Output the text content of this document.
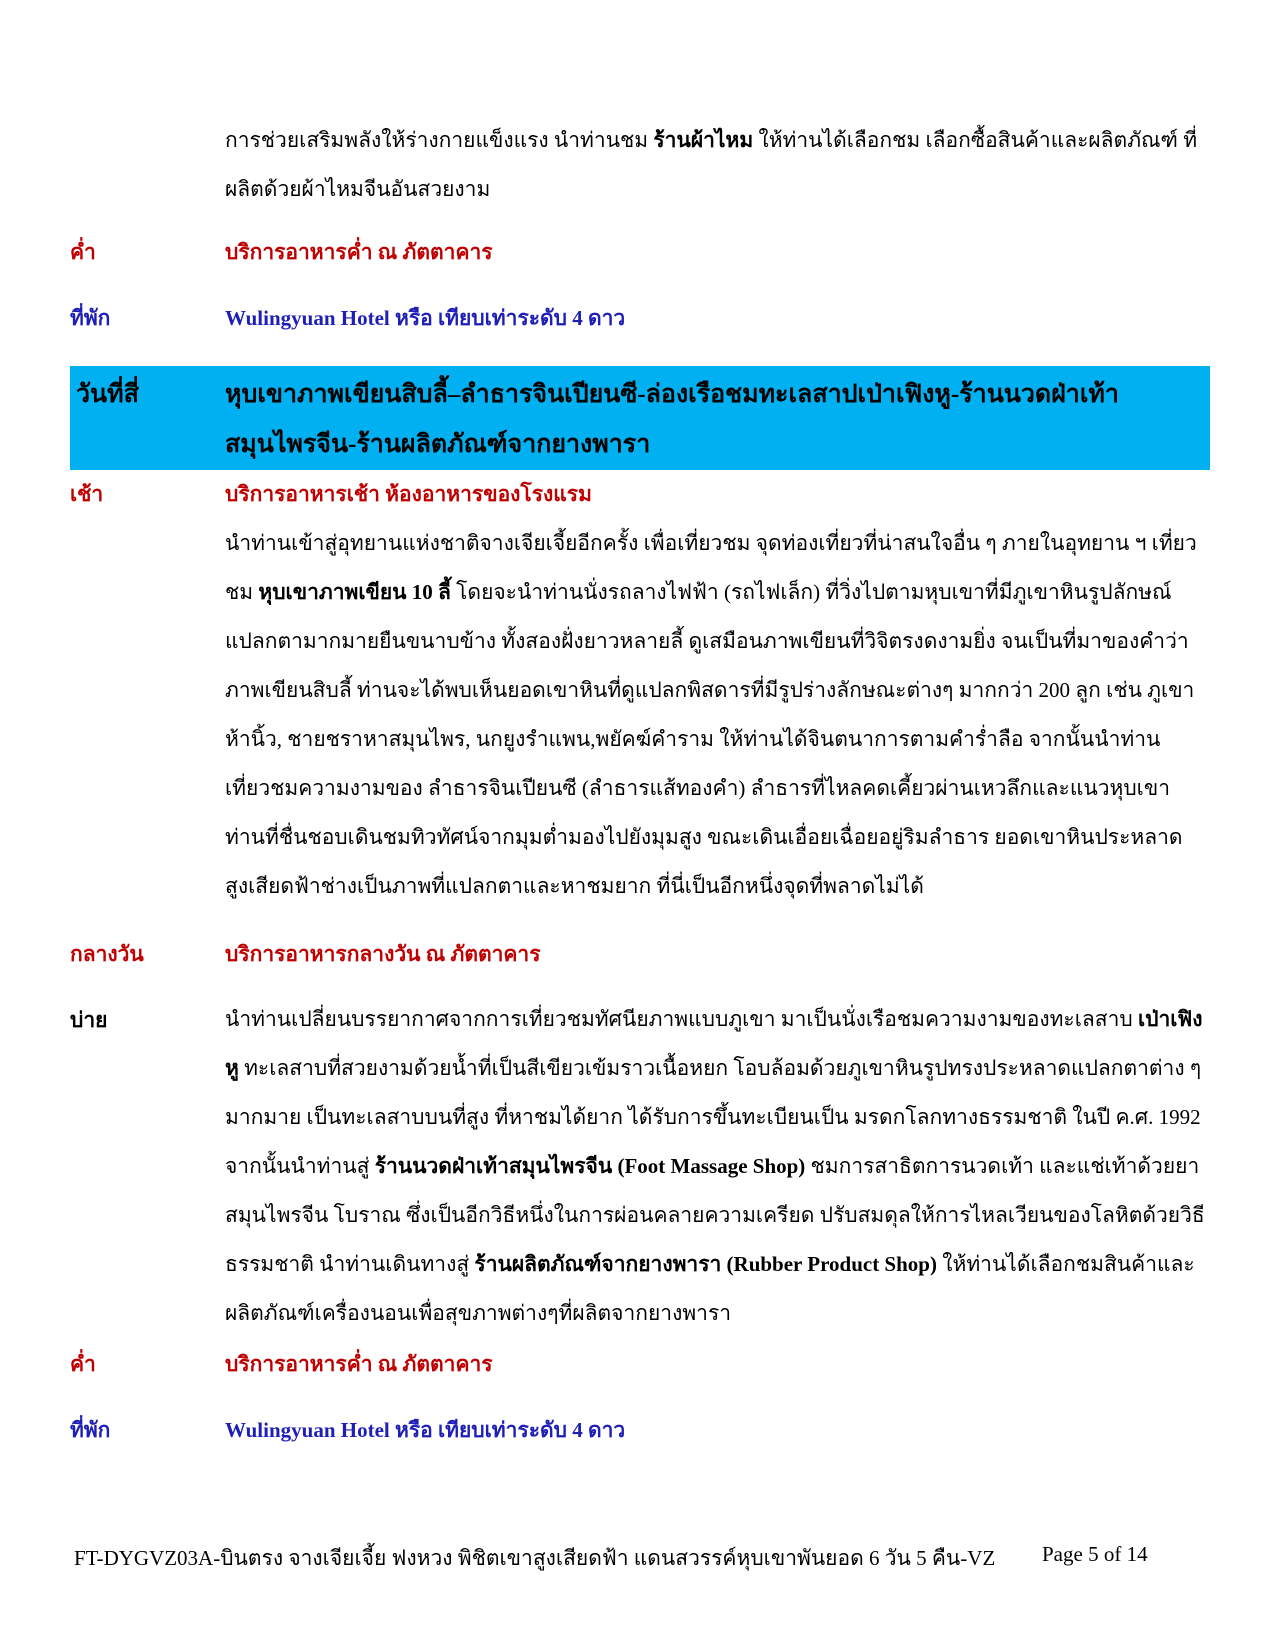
การช่วยเสริมพลังให้ร่างกายแข็งแรง นำท่านชม ร้านผ้าไหม ให้ท่านได้เลือกชม เลือกซื้อสินค้าและผลิตภัณฑ์ ที่ผลิตด้วยผ้าไหมจีนอันสวยงาม

ค่ำ	บริการอาหารค่ำ ณ ภัตตาคาร
ที่พัก	Wulingyuan Hotel หรือ เทียบเท่าระดับ 4 ดาว
วันที่สี่	หุบเขาภาพเขียนสิบลี้–ลำธารจินเปียนซี-ล่องเรือชมทะเลสาปเป่าเฟิงหู-ร้านนวดฝ่าเท้าสมุนไพรจีน-ร้านผลิตภัณฑ์จากยางพารา
เช้า	บริการอาหารเช้า ห้องอาหารของโรงแรม

นำท่านเข้าสู่อุทยานแห่งชาติจางเจียเจี้ยอีกครั้ง เพื่อเที่ยวชม จุดท่องเที่ยวที่น่าสนใจอื่น ๆ ภายในอุทยาน ฯ เที่ยวชม หุบเขาภาพเขียน 10 ลี้ โดยจะนำท่านนั่งรถลางไฟฟ้า (รถไฟเล็ก) ที่วิ่งไปตามหุบเขาที่มีภูเขาหินรูปลักษณ์แปลกตามากมายยืนขนาบข้าง ทั้งสองฝั่งยาวหลายลี้ ดูเสมือนภาพเขียนที่วิจิตรงดงามยิ่ง จนเป็นที่มาของคำว่าภาพเขียนสิบลี้ ท่านจะได้พบเห็นยอดเขาหินที่ดูแปลกพิสดารที่มีรูปร่างลักษณะต่างๆ มากกว่า 200 ลูก เช่น ภูเขาห้านิ้ว, ชายชราหาสมุนไพร, นกยูงรำแพน,พยัคฆ์คำราม ให้ท่านได้จินตนาการตามคำร่ำลือ จากนั้นนำท่านเที่ยวชมความงามของ ลำธารจินเปียนซี (ลำธารแส้ทองคำ) ลำธารที่ไหลคดเคี้ยวผ่านเหวลึกและแนวหุบเขา ท่านที่ชื่นชอบเดินชมทิวทัศน์จากมุมต่ำมองไปยังมุมสูง ขณะเดินเอื่อยเฉื่อยอยู่ริมลำธาร ยอดเขาหินประหลาดสูงเสียดฟ้าช่างเป็นภาพที่แปลกตาและหาชมยาก ที่นี่เป็นอีกหนึ่งจุดที่พลาดไม่ได้

กลางวัน	บริการอาหารกลางวัน ณ ภัตตาคาร
บ่าย	นำท่านเปลี่ยนบรรยากาศจากการเที่ยวชมทัศนียภาพแบบภูเขา มาเป็นนั่งเรือชมความงามของทะเลสาบ เป่าเฟิงหู ทะเลสาบที่สวยงามด้วยน้ำที่เป็นสีเขียวเข้มราวเนื้อหยก โอบล้อมด้วยภูเขาหินรูปทรงประหลาดแปลกตาต่าง ๆ มากมาย เป็นทะเลสาบบนที่สูง ที่หาชมได้ยาก ได้รับการขึ้นทะเบียนเป็น มรดกโลกทางธรรมชาติ ในปี ค.ศ. 1992 จากนั้นนำท่านสู่ ร้านนวดฝ่าเท้าสมุนไพรจีน (Foot Massage Shop) ชมการสาธิตการนวดเท้า และแช่เท้าด้วยยาสมุนไพรจีน โบราณ ซึ่งเป็นอีกวิธีหนึ่งในการผ่อนคลายความเครียด ปรับสมดุลให้การไหลเวียนของโลหิตด้วยวิธีธรรมชาติ นำท่านเดินทางสู่ ร้านผลิตภัณฑ์จากยางพารา (Rubber Product Shop) ให้ท่านได้เลือกชมสินค้าและผลิตภัณฑ์เครื่องนอนเพื่อสุขภาพต่างๆที่ผลิตจากยางพารา

ค่ำ	บริการอาหารค่ำ ณ ภัตตาคาร
ที่พัก	Wulingyuan Hotel หรือ เทียบเท่าระดับ 4 ดาว
FT-DYGVZ03A-บินตรง จางเจียเจี้ย ฟงหวง พิชิตเขาสูงเสียดฟ้า แดนสวรรค์หุบเขาพันยอด 6 วัน 5 คืน-VZ Page 5 of 14
